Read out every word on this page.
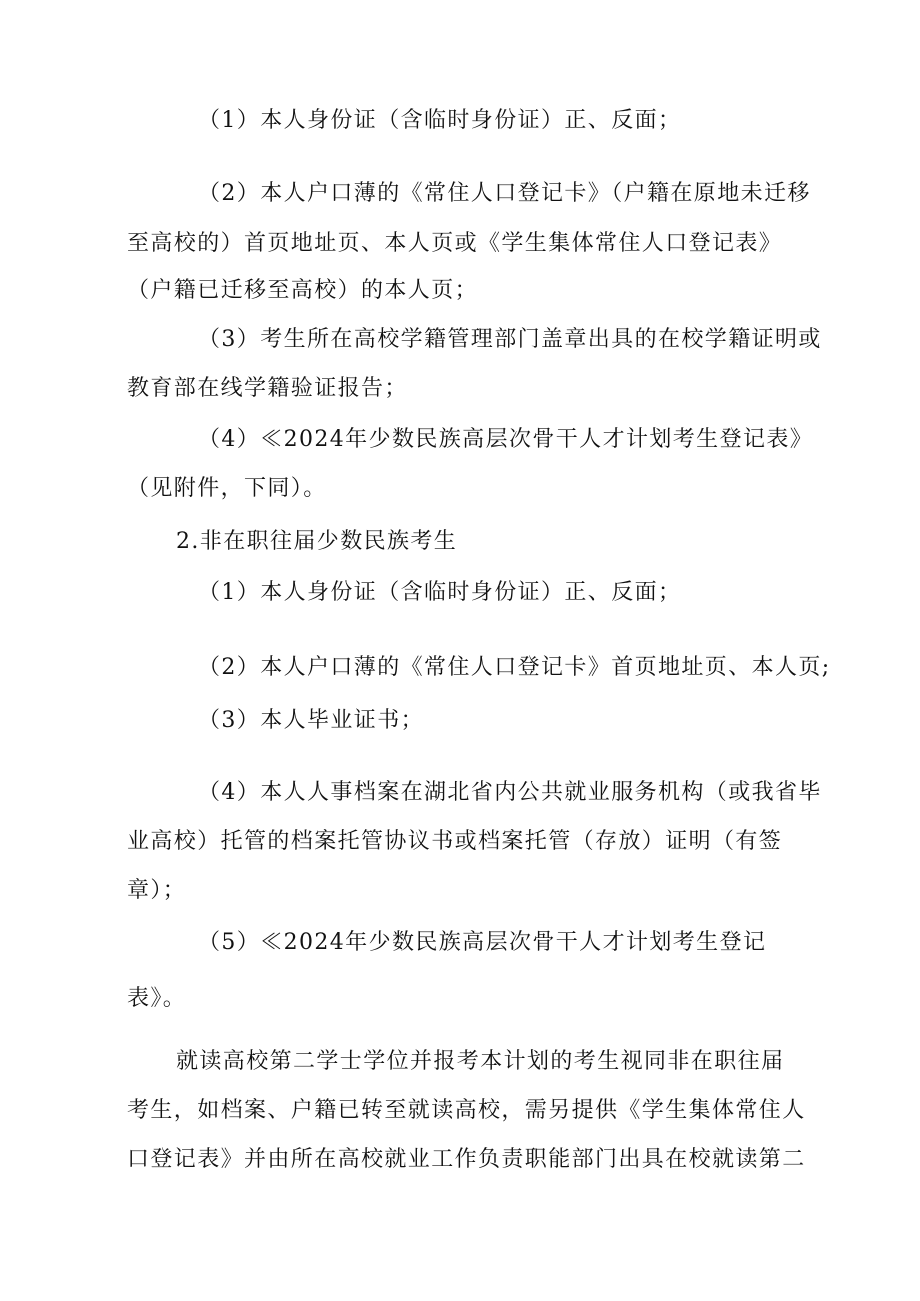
（1）本人身份证（含临时身份证）正、反面；
（2）本人户口薄的《常住人口登记卡》（户籍在原地未迁移
至高校的）首页地址页、本人页或《学生集体常住人口登记表》
（户籍已迁移至高校）的本人页；
（3）考生所在高校学籍管理部门盖章出具的在校学籍证明或
教育部在线学籍验证报告；
（4）≪2024年少数民族高层次骨干人才计划考生登记表》
（见附件，下同）。
2.非在职往届少数民族考生
（1）本人身份证（含临时身份证）正、反面；
（2）本人户口薄的《常住人口登记卡》首页地址页、本人页;
（3）本人毕业证书；
（4）本人人事档案在湖北省内公共就业服务机构（或我省毕
业高校）托管的档案托管协议书或档案托管（存放）证明（有签
章）；
（5）≪2024年少数民族高层次骨干人才计划考生登记
表》。
就读高校第二学士学位并报考本计划的考生视同非在职往届
考生，如档案、户籍已转至就读高校，需另提供《学生集体常住人
口登记表》并由所在高校就业工作负责职能部门出具在校就读第二
